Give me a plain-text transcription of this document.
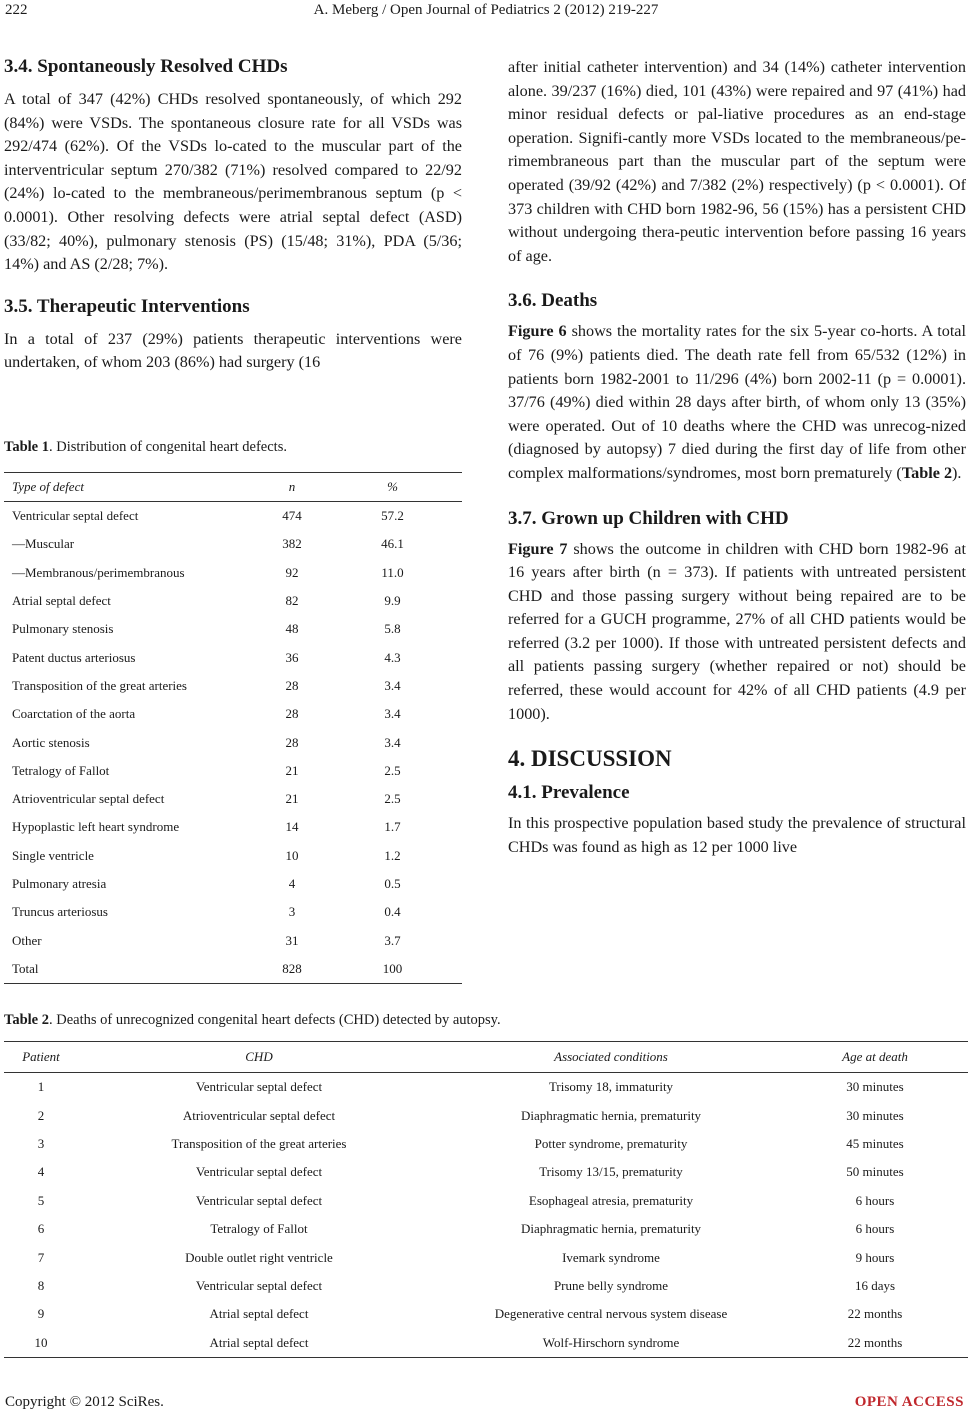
222	A. Meberg / Open Journal of Pediatrics 2 (2012) 219-227
3.4. Spontaneously Resolved CHDs

A total of 347 (42%) CHDs resolved spontaneously, of which 292 (84%) were VSDs. The spontaneous closure rate for all VSDs was 292/474 (62%). Of the VSDs lo-cated to the muscular part of the interventricular septum 270/382 (71%) resolved compared to 22/92 (24%) lo-cated to the membraneous/perimembranous septum (p < 0.0001). Other resolving defects were atrial septal defect (ASD) (33/82; 40%), pulmonary stenosis (PS) (15/48; 31%), PDA (5/36; 14%) and AS (2/28; 7%).

3.5. Therapeutic Interventions

In a total of 237 (29%) patients therapeutic interventions were undertaken, of whom 203 (86%) had surgery (16

Table 1. Distribution of congenital heart defects.

Type of defect	n	%
Ventricular septal defect	474	57.2
—Muscular	382	46.1
—Membranous/perimembranous	92	11.0
Atrial septal defect	82	9.9
Pulmonary stenosis	48	5.8
Patent ductus arteriosus	36	4.3
Transposition of the great arteries	28	3.4
Coarctation of the aorta	28	3.4
Aortic stenosis	28	3.4
Tetralogy of Fallot	21	2.5
Atrioventricular septal defect	21	2.5
Hypoplastic left heart syndrome	14	1.7
Single ventricle	10	1.2
Pulmonary atresia	4	0.5
Truncus arteriosus	3	0.4
Other	31	3.7
Total	828	100

after initial catheter intervention) and 34 (14%) catheter intervention alone. 39/237 (16%) died, 101 (43%) were repaired and 97 (41%) had minor residual defects or pal-liative procedures as an end-stage operation. Signifi-cantly more VSDs located to the membraneous/pe-rimembraneous part than the muscular part of the septum were operated (39/92 (42%) and 7/382 (2%) respectively) (p < 0.0001). Of 373 children with CHD born 1982-96, 56 (15%) has a persistent CHD without undergoing thera-peutic intervention before passing 16 years of age.

3.6. Deaths

Figure 6 shows the mortality rates for the six 5-year co-horts. A total of 76 (9%) patients died. The death rate fell from 65/532 (12%) in patients born 1982-2001 to 11/296 (4%) born 2002-11 (p = 0.0001). 37/76 (49%) died within 28 days after birth, of whom only 13 (35%) were operated. Out of 10 deaths where the CHD was unrecog-nized (diagnosed by autopsy) 7 died during the first day of life from other complex malformations/syndromes, most born prematurely (Table 2).

3.7. Grown up Children with CHD

Figure 7 shows the outcome in children with CHD born 1982-96 at 16 years after birth (n = 373). If patients with untreated persistent CHD and those passing surgery without being repaired are to be referred for a GUCH programme, 27% of all CHD patients would be referred (3.2 per 1000). If those with untreated persistent defects and all patients passing surgery (whether repaired or not) should be referred, these would account for 42% of all CHD patients (4.9 per 1000).

4. DISCUSSION
4.1. Prevalence

In this prospective population based study the prevalence of structural CHDs was found as high as 12 per 1000 live

Table 2. Deaths of unrecognized congenital heart defects (CHD) detected by autopsy.

Patient	CHD	Associated conditions	Age at death
1	Ventricular septal defect	Trisomy 18, immaturity	30 minutes
2	Atrioventricular septal defect	Diaphragmatic hernia, prematurity	30 minutes
3	Transposition of the great arteries	Potter syndrome, prematurity	45 minutes
4	Ventricular septal defect	Trisomy 13/15, prematurity	50 minutes
5	Ventricular septal defect	Esophageal atresia, prematurity	6 hours
6	Tetralogy of Fallot	Diaphragmatic hernia, prematurity	6 hours
7	Double outlet right ventricle	Ivemark syndrome	9 hours
8	Ventricular septal defect	Prune belly syndrome	16 days
9	Atrial septal defect	Degenerative central nervous system disease	22 months
10	Atrial septal defect	Wolf-Hirschorn syndrome	22 months
Copyright © 2012 SciRes.	OPEN ACCESS
